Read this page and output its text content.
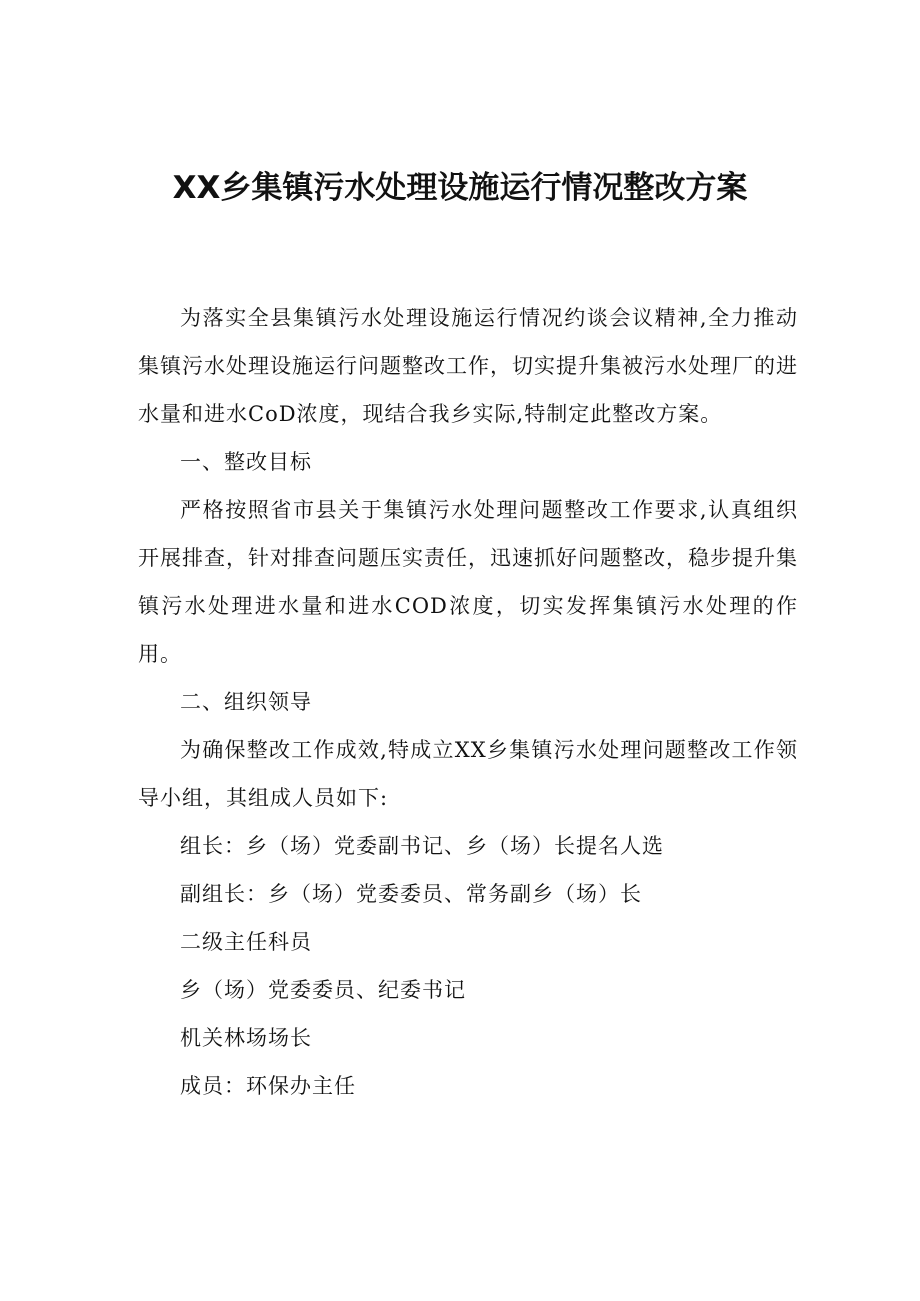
XX乡集镇污水处理设施运行情况整改方案

为落实全县集镇污水处理设施运行情况约谈会议精神,全力推动集镇污水处理设施运行问题整改工作，切实提升集被污水处理厂的进水量和进水CoD浓度，现结合我乡实际,特制定此整改方案。

一、整改目标

严格按照省市县关于集镇污水处理问题整改工作要求,认真组织开展排查，针对排查问题压实责任，迅速抓好问题整改，稳步提升集镇污水处理进水量和进水COD浓度，切实发挥集镇污水处理的作用。

二、组织领导

为确保整改工作成效,特成立XX乡集镇污水处理问题整改工作领导小组，其组成人员如下:

组长：乡（场）党委副书记、乡（场）长提名人选

副组长：乡（场）党委委员、常务副乡（场）长

二级主任科员

乡（场）党委委员、纪委书记

机关林场场长

成员：环保办主任
